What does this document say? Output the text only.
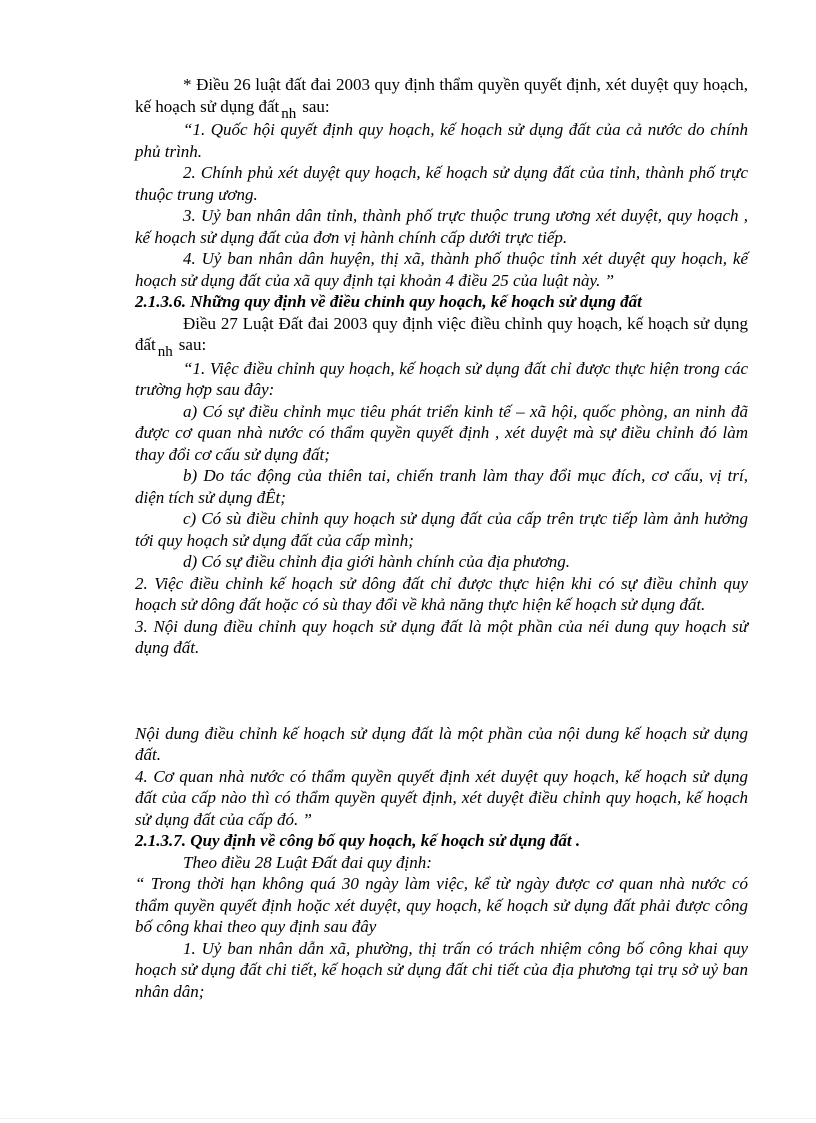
* Điều 26 luật đất đai 2003 quy định thẩm quyền quyết định, xét duyệt quy hoạch, kế hoạch sử dụng đất nh sau:

“1. Quốc hội quyết định quy hoạch, kế hoạch sử dụng đất của cả nước do chính phủ trình.

2. Chính phủ xét duyệt quy hoạch, kế hoạch sử dụng đất của tỉnh, thành phố trực thuộc trung ương.

3. Uỷ ban nhân dân tỉnh, thành phố trực thuộc trung ương xét duyệt, quy hoạch , kế hoạch sử dụng đất của đơn vị hành chính cấp dưới trực tiếp.

4. Uỷ ban nhân dân huyện, thị xã, thành phố thuộc tỉnh xét duyệt quy hoạch, kế hoạch sử dụng đất của xã quy định tại khoản 4 điều 25 của luật này. ”

2.1.3.6. Những quy định về điều chỉnh quy hoạch, kế hoạch sử dụng đất

Điều 27 Luật Đất đai 2003 quy định việc điều chỉnh quy hoạch, kế hoạch sử dụng đất nh sau:

“1. Việc điều chỉnh quy hoạch, kế hoạch sử dụng đất chỉ được thực hiện trong các trường hợp sau đây:

a) Có sự điều chỉnh mục tiêu phát triển kinh tế – xã hội, quốc phòng, an ninh đã được cơ quan nhà nước có thẩm quyền quyết định , xét duyệt mà sự điều chỉnh đó làm thay đổi cơ cấu sử dụng đất;

b) Do tác động của thiên tai, chiến tranh làm thay đổi mục đích, cơ cấu, vị trí, diện tích sử dụng đÊt;

c) Có sù điều chỉnh quy hoạch sử dụng đất của cấp trên trực tiếp làm ảnh hưởng tới quy hoạch sử dụng đất của cấp mình;

d) Có sự điều chỉnh địa giới hành chính của địa phương.

2. Việc điều chỉnh kế hoạch sử dông đất chỉ được thực hiện khi có sự điều chỉnh quy hoạch sử dông đất hoặc có sù thay đổi về khả năng thực hiện kế hoạch sử dụng đất.

3. Nội dung điều chỉnh quy hoạch sử dụng đất là một phần của néi dung quy hoạch sử dụng đất.

Nội dung điều chỉnh kế hoạch sử dụng đất là một phần của nội dung kế hoạch sử dụng đất.

4. Cơ quan nhà nước có thẩm quyền quyết định xét duyệt quy hoạch, kế hoạch sử dụng đất của cấp nào thì có thẩm quyền quyết định, xét duyệt điều chỉnh quy hoạch, kế hoạch sử dụng đất của cấp đó. ”

2.1.3.7. Quy định về công bố quy hoạch, kế hoạch sử dụng đất .

Theo điều 28 Luật Đất đai quy định:

“ Trong thời hạn không quá 30 ngày làm việc, kể từ ngày được cơ quan nhà nước có thẩm quyền quyết định hoặc xét duyệt, quy hoạch, kế hoạch sử dụng đất phải được công bố công khai theo quy định sau đây

1. Uỷ ban nhân dẫn xã, phường, thị trấn có trách nhiệm công bố công khai quy hoạch sử dụng đất chi tiết, kế hoạch sử dụng đất chi tiết của địa phương tại trụ sở uỷ ban nhân dân;
